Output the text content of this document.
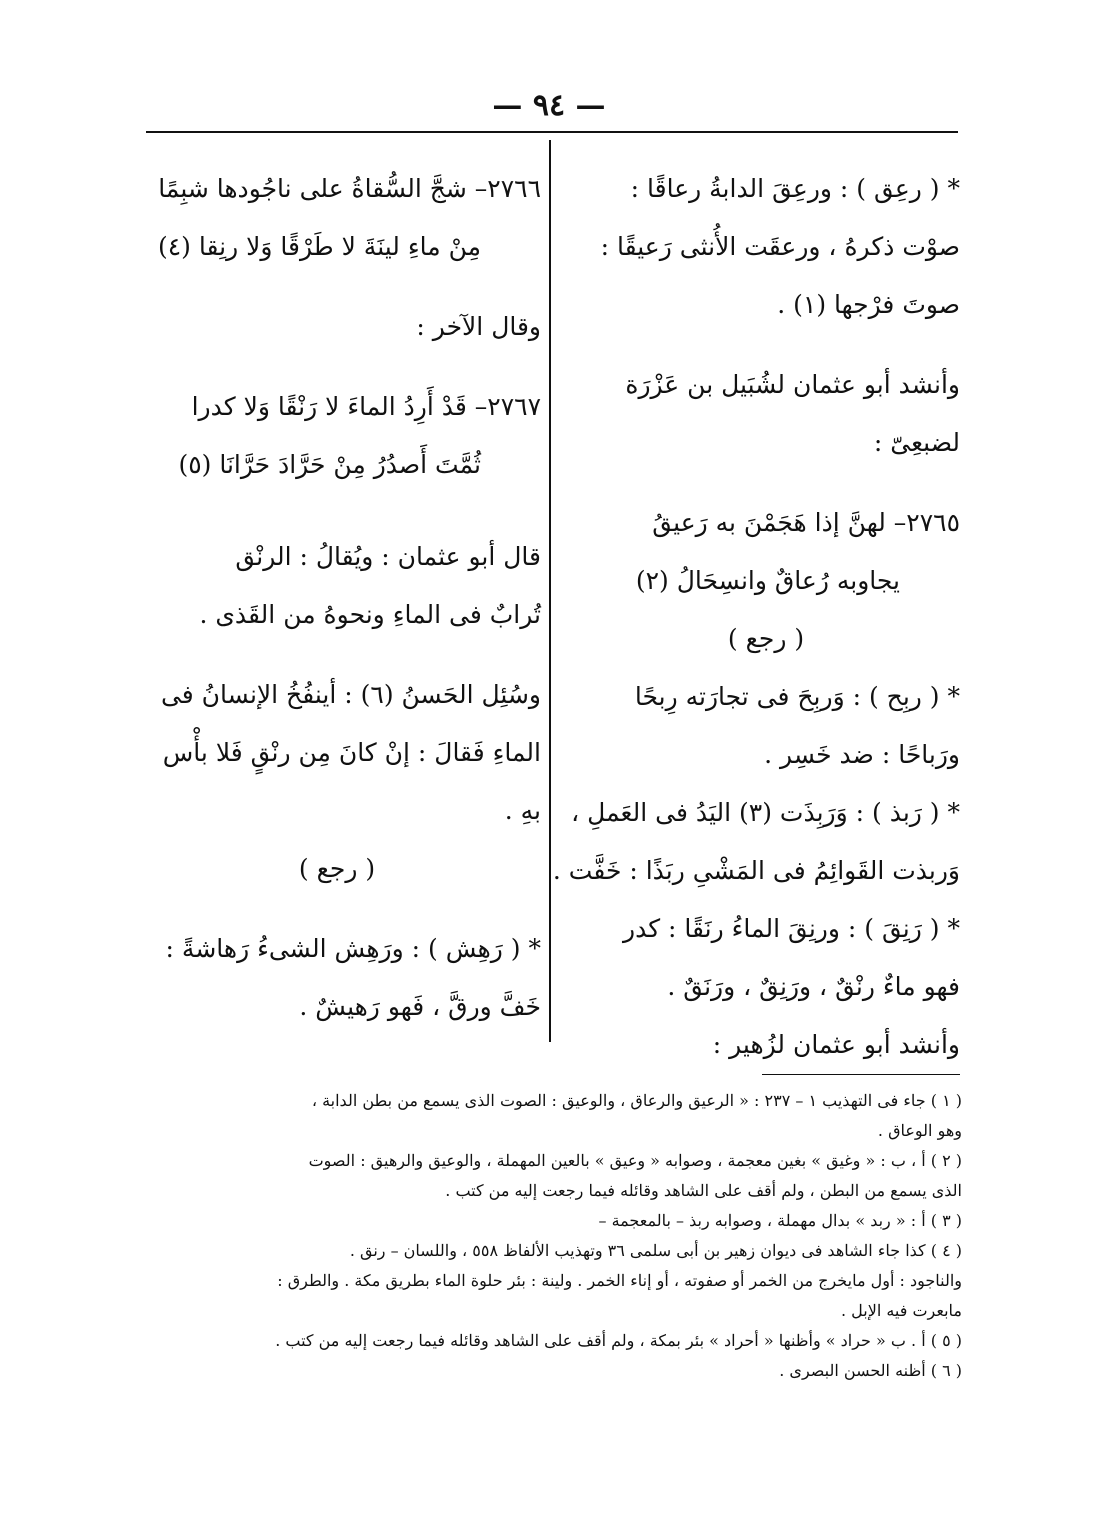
— ٩٤ —
* ( رعِق ) : ورعِقَ الدابةُ رعاقًا :
صوْت ذكرهُ ، ورعقَت الأُنثى رَعيقًا :
صوتَ فرْجها (١) .
وأنشد أبو عثمان لشُبَيل بن عَزْرَة
لضبعِىّ :
٢٧٦٥– لهنَّ إذا هَجَمْنَ به رَعيقُ
يجاوبه رُعاقٌ وانسِحَالُ (٢)
( رجع )
* ( ربِح ) : وَربِحَ فى تجارَته رِبحًا
ورَباحًا : ضد خَسِر .
* ( رَبذ ) : وَرَبِذَت (٣) اليَدُ فى العَملِ ،
وَربذت القَوائِمُ فى المَشْىِ ربَذًا : خَفَّت .
* ( رَنِقَ ) : ورنِقَ الماءُ رنَقًا : كدر
فهو ماءٌ رنْقٌ ، ورَنِقٌ ، ورَنَقٌ .
وأنشد أبو عثمان لزُهير :
٢٧٦٦– شجَّ السُّقاةُ على ناجُودها شبِمًا
مِنْ ماءِ لينَةَ لا طَرْقًا وَلا رنِقا (٤)
وقال الآخر :
٢٧٦٧– قَدْ أَرِدُ الماءَ لا رَنْقًا وَلا كدرا
ثُمَّتَ أَصدُرُ مِنْ حَرَّادَ حَرَّانَا (٥)
قال أبو عثمان : ويُقالُ : الرنْق
تُرابٌ فى الماءِ ونحوهُ من القَذى .
وسُئِل الحَسنُ (٦) : أينفُخُ الإنسانُ فى
الماءِ فَقالَ : إنْ كانَ مِن رنْقٍ فَلا بأْس
بهِ .
( رجع )
* ( رَهِش ) : ورَهِش الشىءُ رَهاشةً :
خَفَّ ورقَّ ، فَهو رَهيشٌ .
( ١ ) جاء فى التهذيب ١ – ٢٣٧ : « الرعيق والرعاق ، والوعيق : الصوت الذى يسمع من بطن الدابة ،
وهو الوعاق .
( ٢ ) أ ، ب : « وغيق » بغين معجمة ، وصوابه « وعيق » بالعين المهملة ، والوعيق والرهيق : الصوت
الذى يسمع من البطن ، ولم أقف على الشاهد وقائله فيما رجعت إليه من كتب .
( ٣ ) أ : « ربد » بدال مهملة ، وصوابه ربذ – بالمعجمة –
( ٤ ) كذا جاء الشاهد فى ديوان زهير بن أبى سلمى ٣٦ وتهذيب الألفاظ ٥٥٨ ، واللسان – رنق .
والناجود : أول مايخرج من الخمر أو صفوته ، أو إناء الخمر . ولينة : بئر حلوة الماء بطريق مكة . والطرق :
مابعرت فيه الإبل .
( ٥ ) أ . ب « حراد » وأظنها « أحراد » بئر بمكة ، ولم أقف على الشاهد وقائله فيما رجعت إليه من كتب .
( ٦ ) أظنه الحسن البصرى .
